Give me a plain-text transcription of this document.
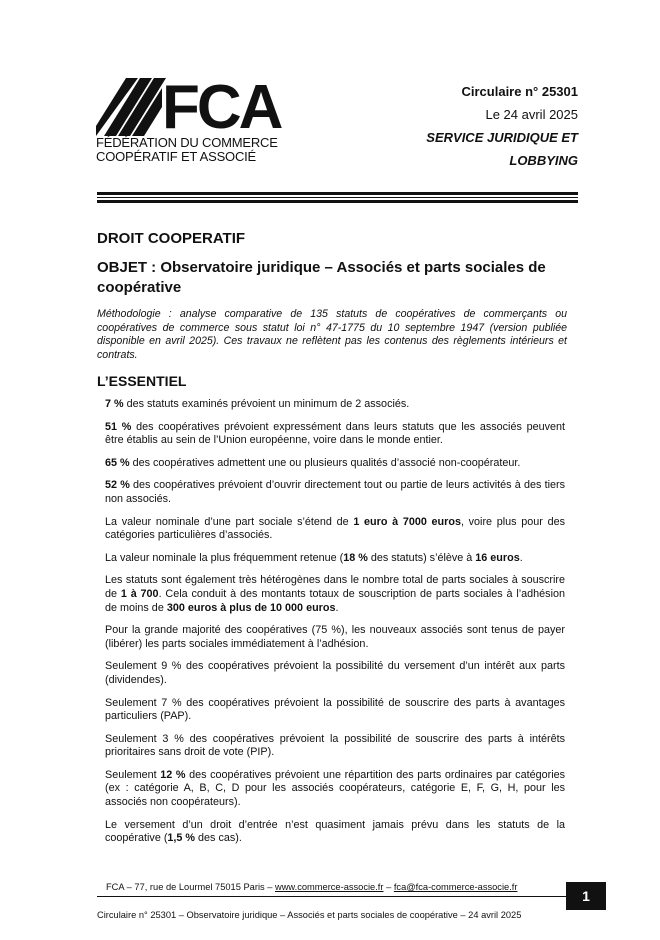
FCA
FÉDÉRATION DU COMMERCE
COOPÉRATIF ET ASSOCIÉ
Circulaire n° 25301
Le 24 avril 2025
SERVICE JURIDIQUE ET
LOBBYING
DROIT COOPERATIF
OBJET : Observatoire juridique – Associés et parts sociales de coopérative
Méthodologie : analyse comparative de 135 statuts de coopératives de commerçants ou coopératives de commerce sous statut loi n° 47-1775 du 10 septembre 1947 (version publiée disponible en avril 2025). Ces travaux ne reflètent pas les contenus des règlements intérieurs et contrats.
L’ESSENTIEL
7 % des statuts examinés prévoient un minimum de 2 associés.
51 % des coopératives prévoient expressément dans leurs statuts que les associés peuvent être établis au sein de l’Union européenne, voire dans le monde entier.
65 % des coopératives admettent une ou plusieurs qualités d’associé non-coopérateur.
52 % des coopératives prévoient d’ouvrir directement tout ou partie de leurs activités à des tiers non associés.
La valeur nominale d’une part sociale s’étend de 1 euro à 7000 euros, voire plus pour des catégories particulières d’associés.
La valeur nominale la plus fréquemment retenue (18 % des statuts) s’élève à 16 euros.
Les statuts sont également très hétérogènes dans le nombre total de parts sociales à souscrire de 1 à 700. Cela conduit à des montants totaux de souscription de parts sociales à l’adhésion de moins de 300 euros à plus de 10 000 euros.
Pour la grande majorité des coopératives (75 %), les nouveaux associés sont tenus de payer (libérer) les parts sociales immédiatement à l’adhésion.
Seulement 9 % des coopératives prévoient la possibilité du versement d’un intérêt aux parts (dividendes).
Seulement 7 % des coopératives prévoient la possibilité de souscrire des parts à avantages particuliers (PAP).
Seulement 3 % des coopératives prévoient la possibilité de souscrire des parts à intérêts prioritaires sans droit de vote (PIP).
Seulement 12 % des coopératives prévoient une répartition des parts ordinaires par catégories (ex : catégorie A, B, C, D pour les associés coopérateurs, catégorie E, F, G, H, pour les associés non coopérateurs).
Le versement d’un droit d’entrée n’est quasiment jamais prévu dans les statuts de la coopérative (1,5 % des cas).
FCA – 77, rue de Lourmel 75015 Paris – www.commerce-associe.fr – fca@fca-commerce-associe.fr
1
Circulaire n° 25301 – Observatoire juridique – Associés et parts sociales de coopérative – 24 avril 2025
